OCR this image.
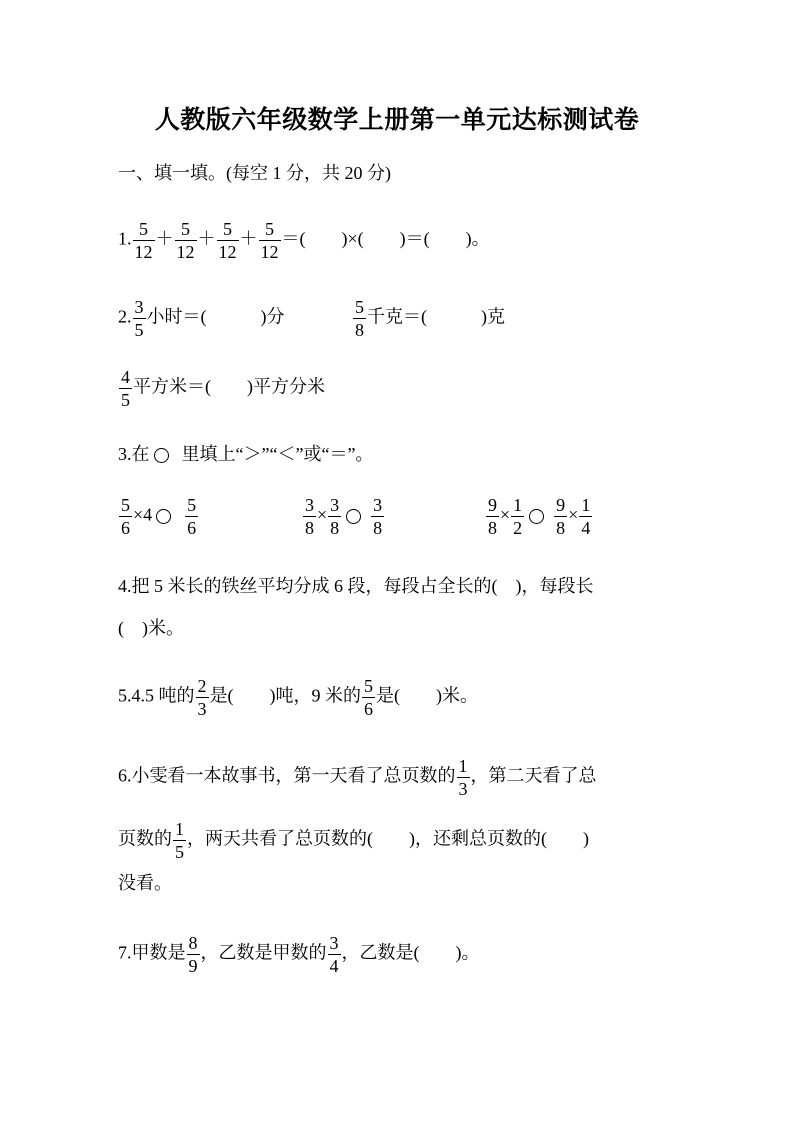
人教版六年级数学上册第一单元达标测试卷
一、填一填。(每空 1 分，共 20 分)
1. $\frac{5}{12} + \frac{5}{12} + \frac{5}{12} + \frac{5}{12}$ ＝(　　)×(　　)＝(　　)。
2. $\frac{3}{5}$ 小时＝(　　　)分	$\frac{5}{8}$ 千克＝(　　　)克
$\frac{4}{5}$ 平方米＝(　　)平方分米
3.在 里填上“＞”“＜”或“＝”。
$\frac{5}{6} \times 4 \frac{5}{6}$	$\frac{3}{8} \times \frac{3}{8} \frac{3}{8}$	$\frac{9}{8} \times \frac{1}{2} \frac{9}{8} \times \frac{1}{4}$
4.把 5 米长的铁丝平均分成 6 段，每段占全长的(　)，每段长
(　)米。
5.4.5 吨的 $\frac{2}{3}$ 是(　　)吨，9 米的 $\frac{5}{6}$ 是(　　)米。
6.小雯看一本故事书，第一天看了总页数的 $\frac{1}{3}$ ，第二天看了总
页数的 $\frac{1}{5}$ ，两天共看了总页数的(　　)，还剩总页数的(　　)
没看。
7.甲数是 $\frac{8}{9}$ ，乙数是甲数的 $\frac{3}{4}$ ，乙数是(　　)。
